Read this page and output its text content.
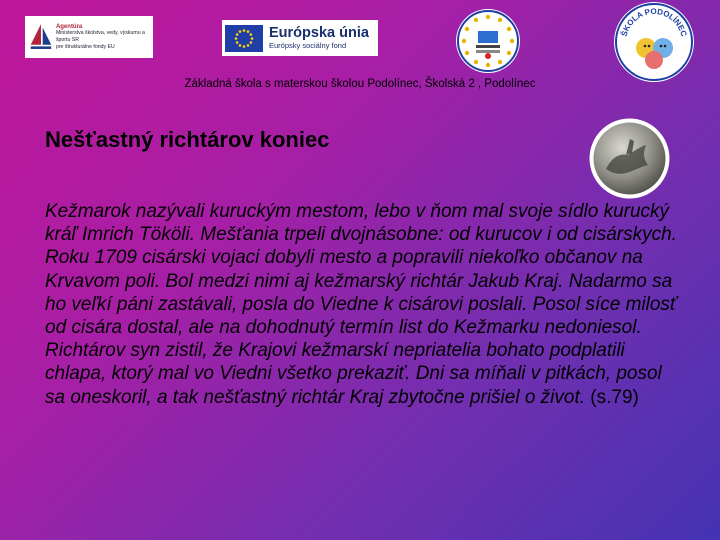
Agentúra
Ministerstva školstva, vedy, výskumu a športu SR
pre štrukturálne fondy EU
Európska únia
Európsky sociálny fond
ŠKOLA PODOLÍNEC
Základná škola s materskou školou Podolínec, Školská 2 , Podolínec
Nešťastný richtárov koniec
Kežmarok nazývali kuruckým mestom, lebo v ňom mal svoje sídlo kurucký kráľ Imrich Tököli. Mešťania trpeli dvojnásobne: od kurucov i od cisárskych. Roku 1709 cisárski vojaci dobyli mesto a popravili niekoľko občanov na Krvavom poli. Bol medzi nimi aj kežmarský richtár Jakub Kraj. Nadarmo sa ho veľkí páni zastávali, posla do Viedne k cisárovi poslali. Posol síce milosť od cisára dostal, ale na dohodnutý termín list do Kežmarku nedoniesol. Richtárov syn zistil, že Krajovi kežmarskí nepriatelia bohato podplatili chlapa, ktorý mal vo Viedni všetko prekaziť. Dni sa míňali v pitkách, posol sa oneskoril, a tak nešťastný richtár Kraj zbytočne prišiel o život. (s.79)
